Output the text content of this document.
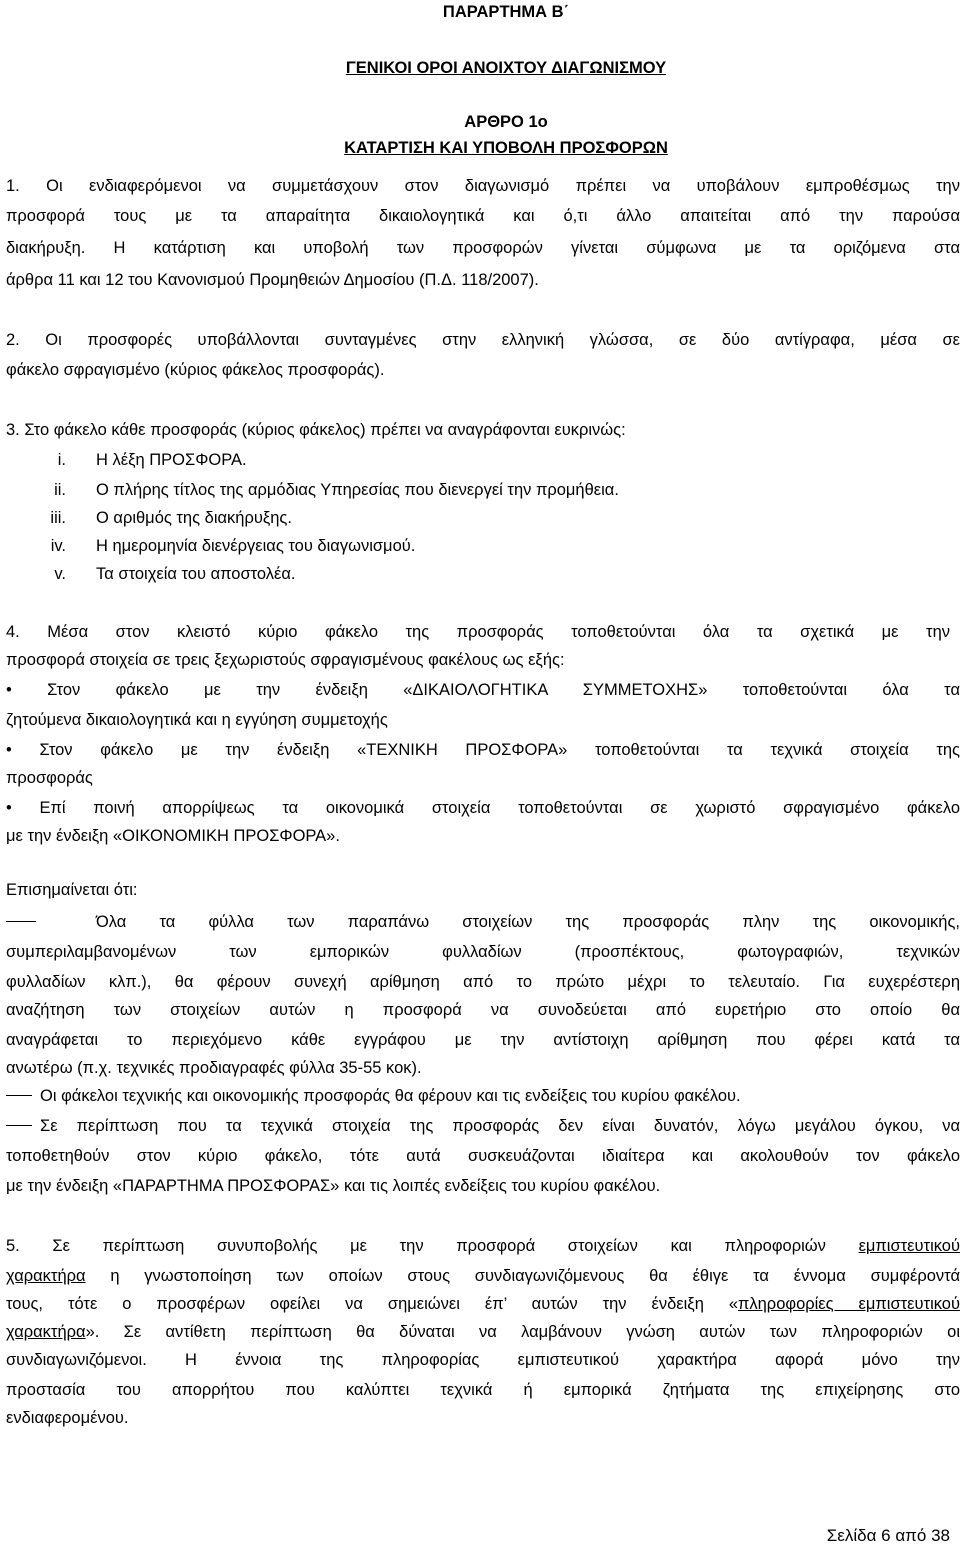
ΠΑΡΑΡΤΗΜΑ Β΄
ΓΕΝΙΚΟΙ ΟΡΟΙ ΑΝΟΙΧΤΟΥ ΔΙΑΓΩΝΙΣΜΟΥ
ΑΡΘΡΟ 1ο
ΚΑΤΑΡΤΙΣΗ ΚΑΙ ΥΠΟΒΟΛΗ ΠΡΟΣΦΟΡΩΝ
1. Οι ενδιαφερόμενοι να συμμετάσχουν στον διαγωνισμό πρέπει να υποβάλουν εμπροθέσμως την
προσφορά τους με τα απαραίτητα δικαιολογητικά και ό,τι άλλο απαιτείται από την παρούσα
διακήρυξη. Η κατάρτιση και υποβολή των προσφορών γίνεται σύμφωνα με τα οριζόμενα στα
άρθρα 11 και 12 του Κανονισμού Προμηθειών Δημοσίου (Π.Δ. 118/2007).
2. Οι προσφορές υποβάλλονται συνταγμένες στην ελληνική γλώσσα, σε δύο αντίγραφα, μέσα σε
φάκελο σφραγισμένο (κύριος φάκελος προσφοράς).
3. Στο φάκελο κάθε προσφοράς (κύριος φάκελος) πρέπει να αναγράφονται ευκρινώς:
i. Η λέξη ΠΡΟΣΦΟΡΑ.
ii. Ο πλήρης τίτλος της αρμόδιας Υπηρεσίας που διενεργεί την προμήθεια.
iii. Ο αριθμός της διακήρυξης.
iv. Η ημερομηνία διενέργειας του διαγωνισμού.
v. Τα στοιχεία του αποστολέα.
4. Μέσα στον κλειστό κύριο φάκελο της προσφοράς τοποθετούνται όλα τα σχετικά με την
προσφορά στοιχεία σε τρεις ξεχωριστούς σφραγισμένους φακέλους ως εξής:
• Στον φάκελο με την ένδειξη «ΔΙΚΑΙΟΛΟΓΗΤΙΚΑ ΣΥΜΜΕΤΟΧΗΣ» τοποθετούνται όλα τα
ζητούμενα δικαιολογητικά και η εγγύηση συμμετοχής
• Στον φάκελο με την ένδειξη «ΤΕΧΝΙΚΗ ΠΡΟΣΦΟΡΑ» τοποθετούνται τα τεχνικά στοιχεία της
προσφοράς
• Επί ποινή απορρίψεως τα οικονομικά στοιχεία τοποθετούνται σε χωριστό σφραγισμένο φάκελο
με την ένδειξη «ΟΙΚΟΝΟΜΙΚΗ ΠΡΟΣΦΟΡΑ».
Επισημαίνεται ότι:
Όλα τα φύλλα των παραπάνω στοιχείων της προσφοράς πλην της οικονομικής,
συμπεριλαμβανομένων των εμπορικών φυλλαδίων (προσπέκτους, φωτογραφιών, τεχνικών
φυλλαδίων κλπ.), θα φέρουν συνεχή αρίθμηση από το πρώτο μέχρι το τελευταίο. Για ευχερέστερη
αναζήτηση των στοιχείων αυτών η προσφορά να συνοδεύεται από ευρετήριο στο οποίο θα
αναγράφεται το περιεχόμενο κάθε εγγράφου με την αντίστοιχη αρίθμηση που φέρει κατά τα
ανωτέρω (π.χ. τεχνικές προδιαγραφές φύλλα 35-55 κοκ).
Οι φάκελοι τεχνικής και οικονομικής προσφοράς θα φέρουν και τις ενδείξεις του κυρίου φακέλου.
Σε περίπτωση που τα τεχνικά στοιχεία της προσφοράς δεν είναι δυνατόν, λόγω μεγάλου όγκου, να
τοποθετηθούν στον κύριο φάκελο, τότε αυτά συσκευάζονται ιδιαίτερα και ακολουθούν τον φάκελο
με την ένδειξη «ΠΑΡΑΡΤΗΜΑ ΠΡΟΣΦΟΡΑΣ» και τις λοιπές ενδείξεις του κυρίου φακέλου.
5. Σε περίπτωση συνυποβολής με την προσφορά στοιχείων και πληροφοριών εμπιστευτικού
χαρακτήρα η γνωστοποίηση των οποίων στους συνδιαγωνιζόμενους θα έθιγε τα έννομα συμφέροντά
τους, τότε ο προσφέρων οφείλει να σημειώνει έπ’ αυτών την ένδειξη «πληροφορίες εμπιστευτικού
χαρακτήρα». Σε αντίθετη περίπτωση θα δύναται να λαμβάνουν γνώση αυτών των πληροφοριών οι
συνδιαγωνιζόμενοι. Η έννοια της πληροφορίας εμπιστευτικού χαρακτήρα αφορά μόνο την
προστασία του απορρήτου που καλύπτει τεχνικά ή εμπορικά ζητήματα της επιχείρησης στο
ενδιαφερομένου.
Σελίδα 6 από 38
